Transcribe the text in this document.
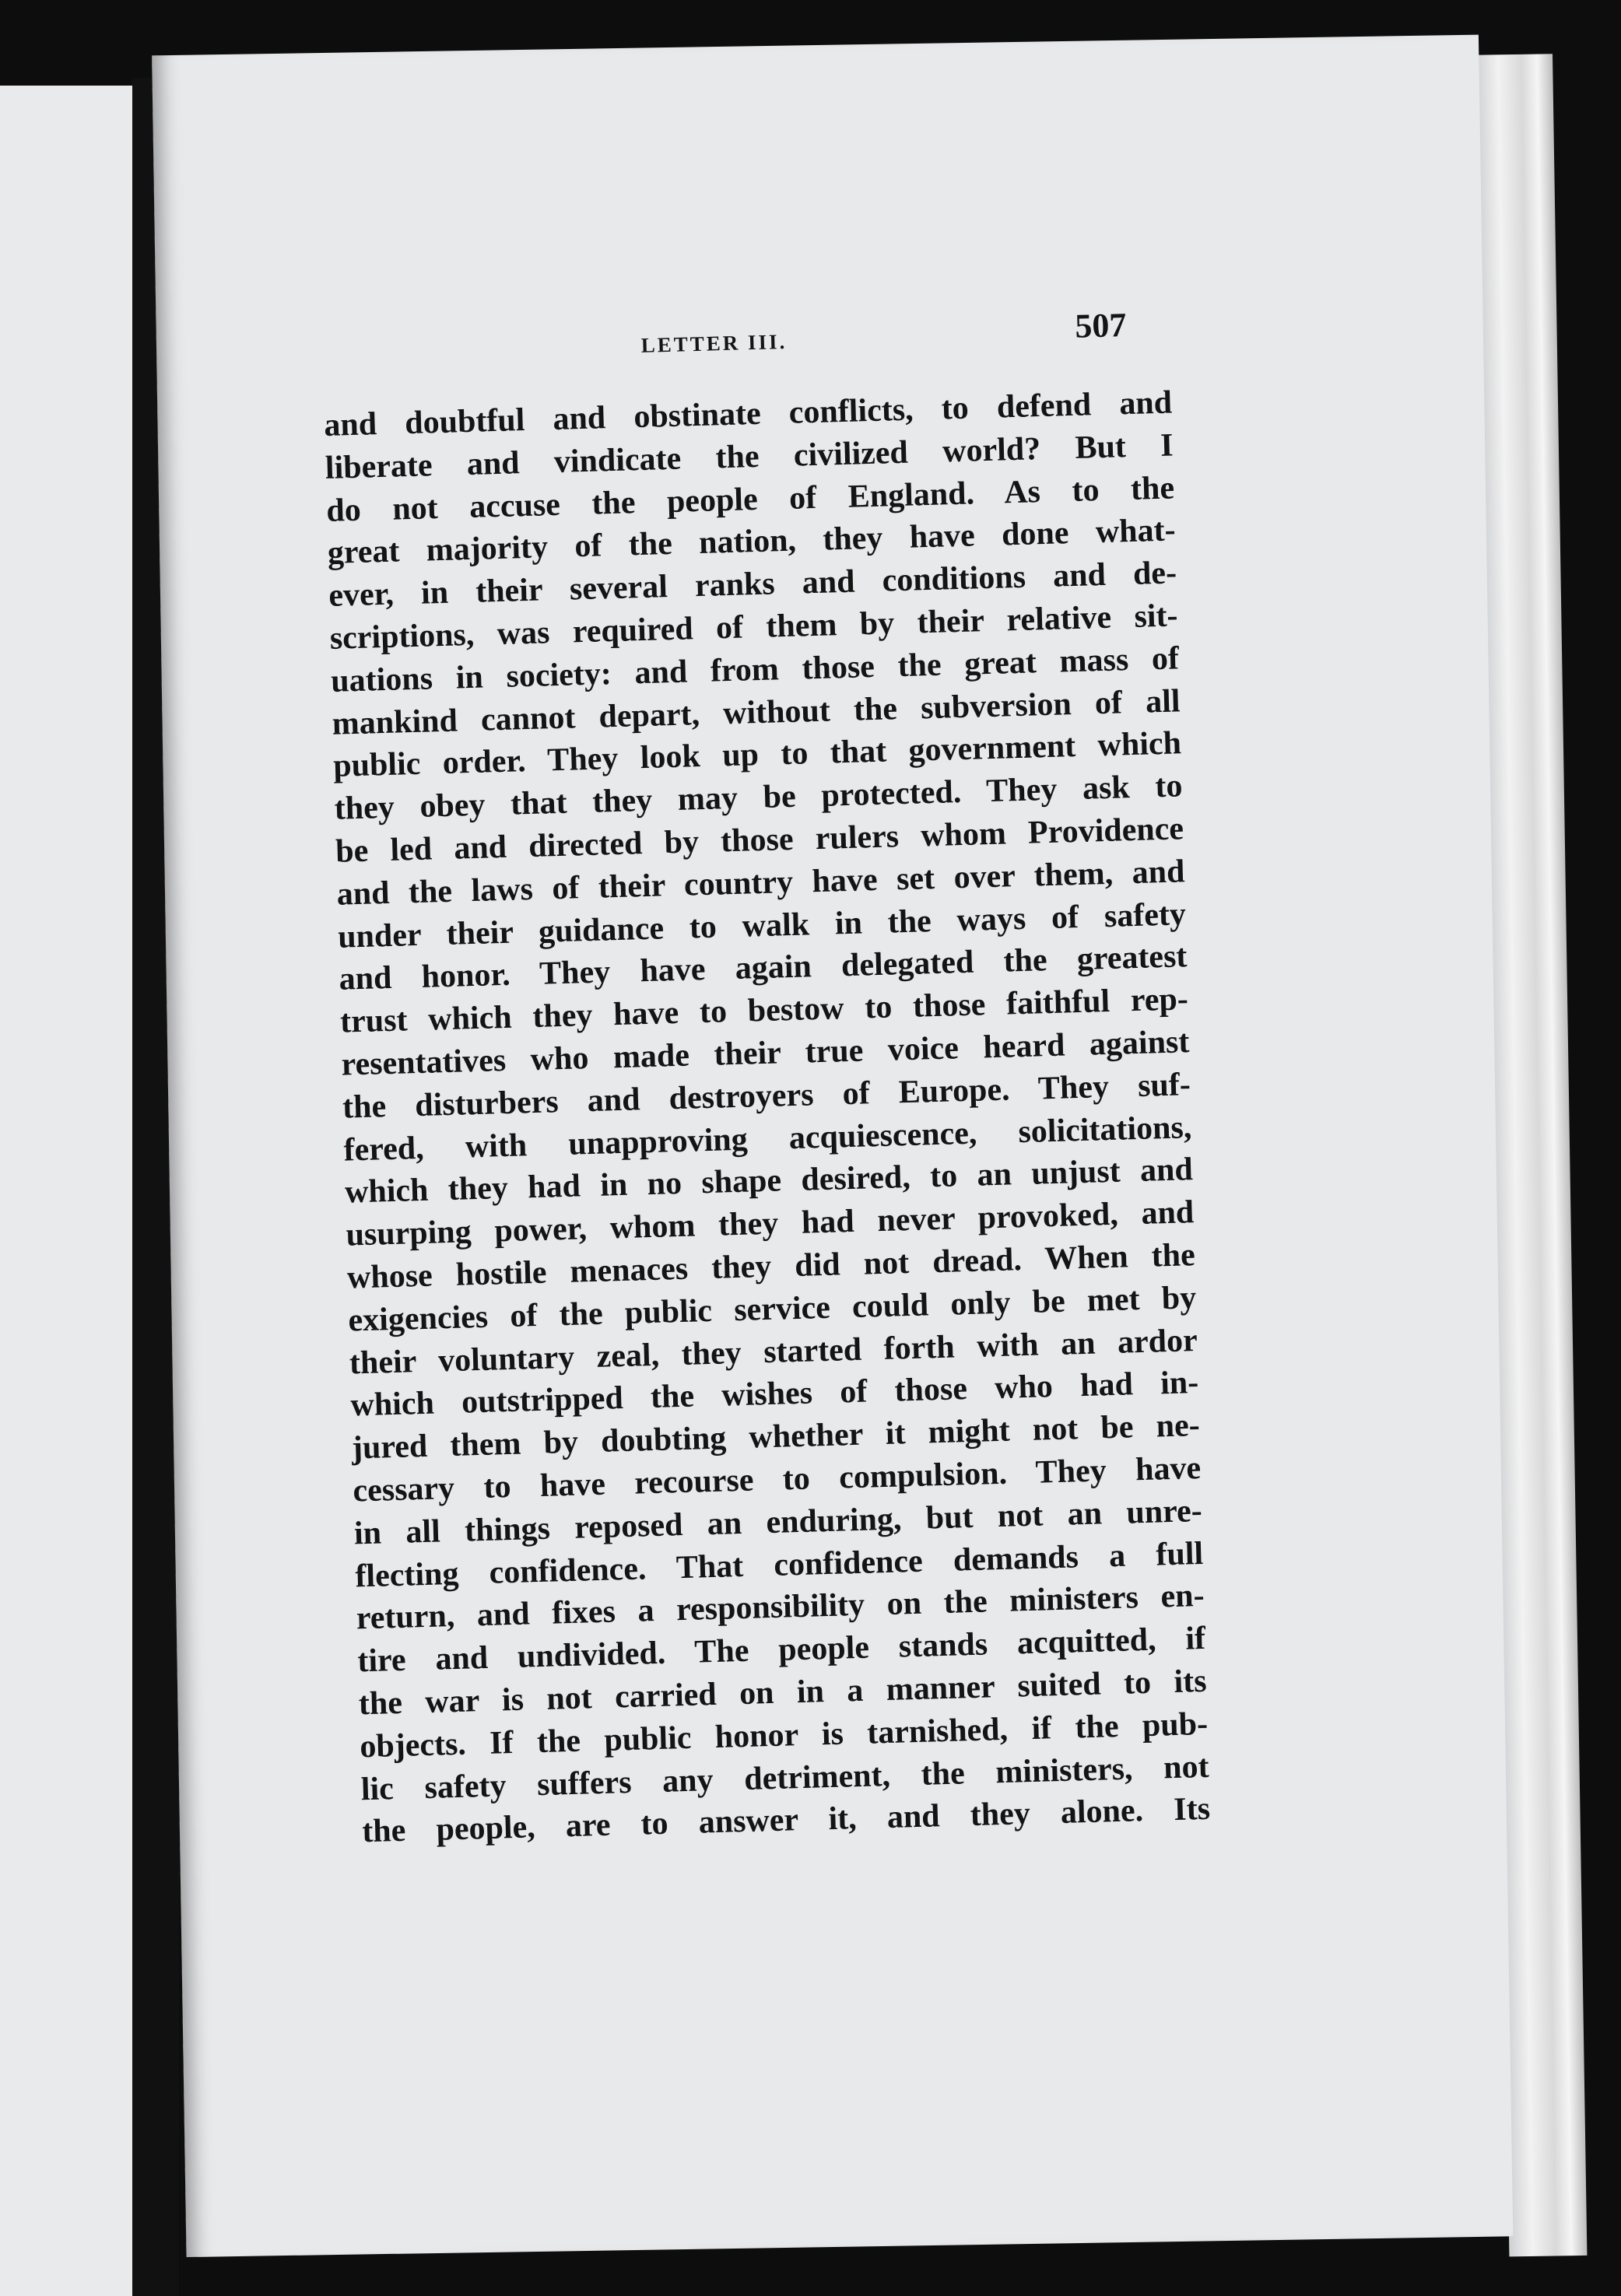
LETTER III.	507
and doubtful and obstinate conflicts, to defend and
liberate and vindicate the civilized world? But I
do not accuse the people of England. As to the
great majority of the nation, they have done what-
ever, in their several ranks and conditions and de-
scriptions, was required of them by their relative sit-
uations in society: and from those the great mass of
mankind cannot depart, without the subversion of all
public order. They look up to that government which
they obey that they may be protected. They ask to
be led and directed by those rulers whom Providence
and the laws of their country have set over them, and
under their guidance to walk in the ways of safety
and honor. They have again delegated the greatest
trust which they have to bestow to those faithful rep-
resentatives who made their true voice heard against
the disturbers and destroyers of Europe. They suf-
fered, with unapproving acquiescence, solicitations,
which they had in no shape desired, to an unjust and
usurping power, whom they had never provoked, and
whose hostile menaces they did not dread. When the
exigencies of the public service could only be met by
their voluntary zeal, they started forth with an ardor
which outstripped the wishes of those who had in-
jured them by doubting whether it might not be ne-
cessary to have recourse to compulsion. They have
in all things reposed an enduring, but not an unre-
flecting confidence. That confidence demands a full
return, and fixes a responsibility on the ministers en-
tire and undivided. The people stands acquitted, if
the war is not carried on in a manner suited to its
objects. If the public honor is tarnished, if the pub-
lic safety suffers any detriment, the ministers, not
the people, are to answer it, and they alone. Its
